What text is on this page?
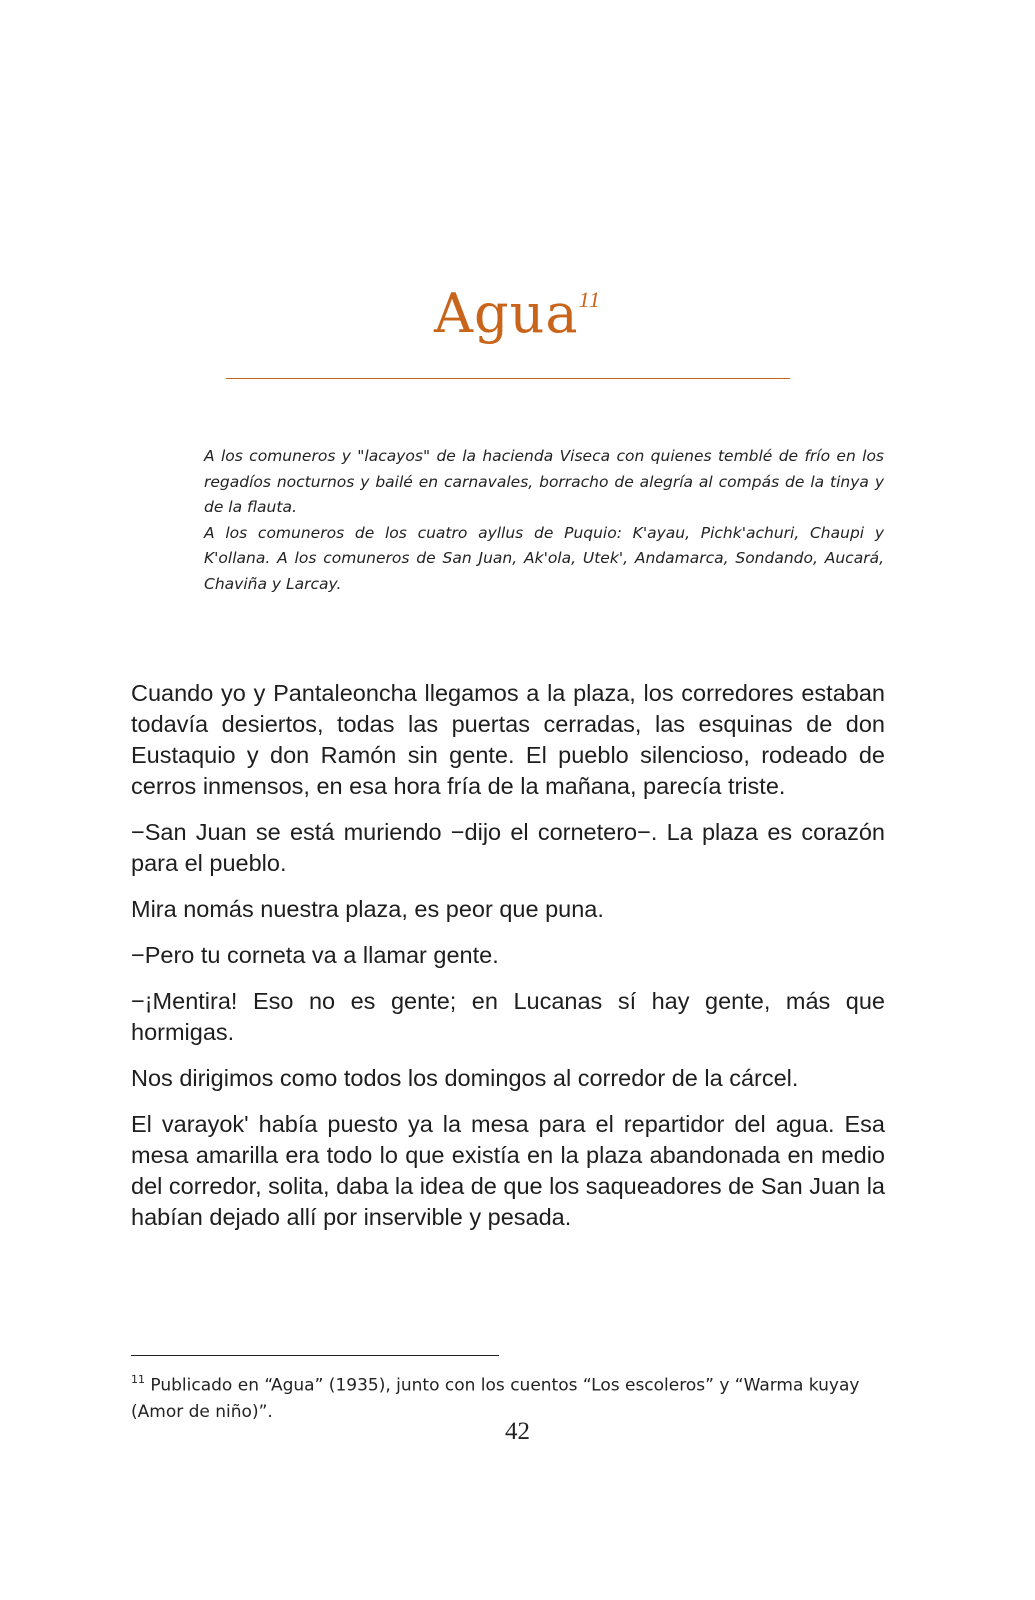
Agua$^{11}$

A los comuneros y "lacayos" de la hacienda Viseca con quienes temblé de frío en los regadíos nocturnos y bailé en carnavales, borracho de alegría al compás de la tinya y de la flauta.

A los comuneros de los cuatro ayllus de Puquio: K'ayau, Pichk'achuri, Chaupi y K'ollana. A los comuneros de San Juan, Ak'ola, Utek', Andamarca, Sondando, Aucará, Chaviña y Larcay.

Cuando yo y Pantaleoncha llegamos a la plaza, los corredores estaban todavía desiertos, todas las puertas cerradas, las esquinas de don Eustaquio y don Ramón sin gente. El pueblo silencioso, rodeado de cerros inmensos, en esa hora fría de la mañana, parecía triste.

−San Juan se está muriendo −dijo el cornetero−. La plaza es corazón para el pueblo.

Mira nomás nuestra plaza, es peor que puna.

−Pero tu corneta va a llamar gente.

−¡Mentira! Eso no es gente; en Lucanas sí hay gente, más que hormigas.

Nos dirigimos como todos los domingos al corredor de la cárcel.

El varayok' había puesto ya la mesa para el repartidor del agua. Esa mesa amarilla era todo lo que existía en la plaza abandonada en medio del corredor, solita, daba la idea de que los saqueadores de San Juan la habían dejado allí por inservible y pesada.

$^{11}$ Publicado en “Agua” (1935), junto con los cuentos “Los escoleros” y “Warma kuyay (Amor de niño)”.
42
